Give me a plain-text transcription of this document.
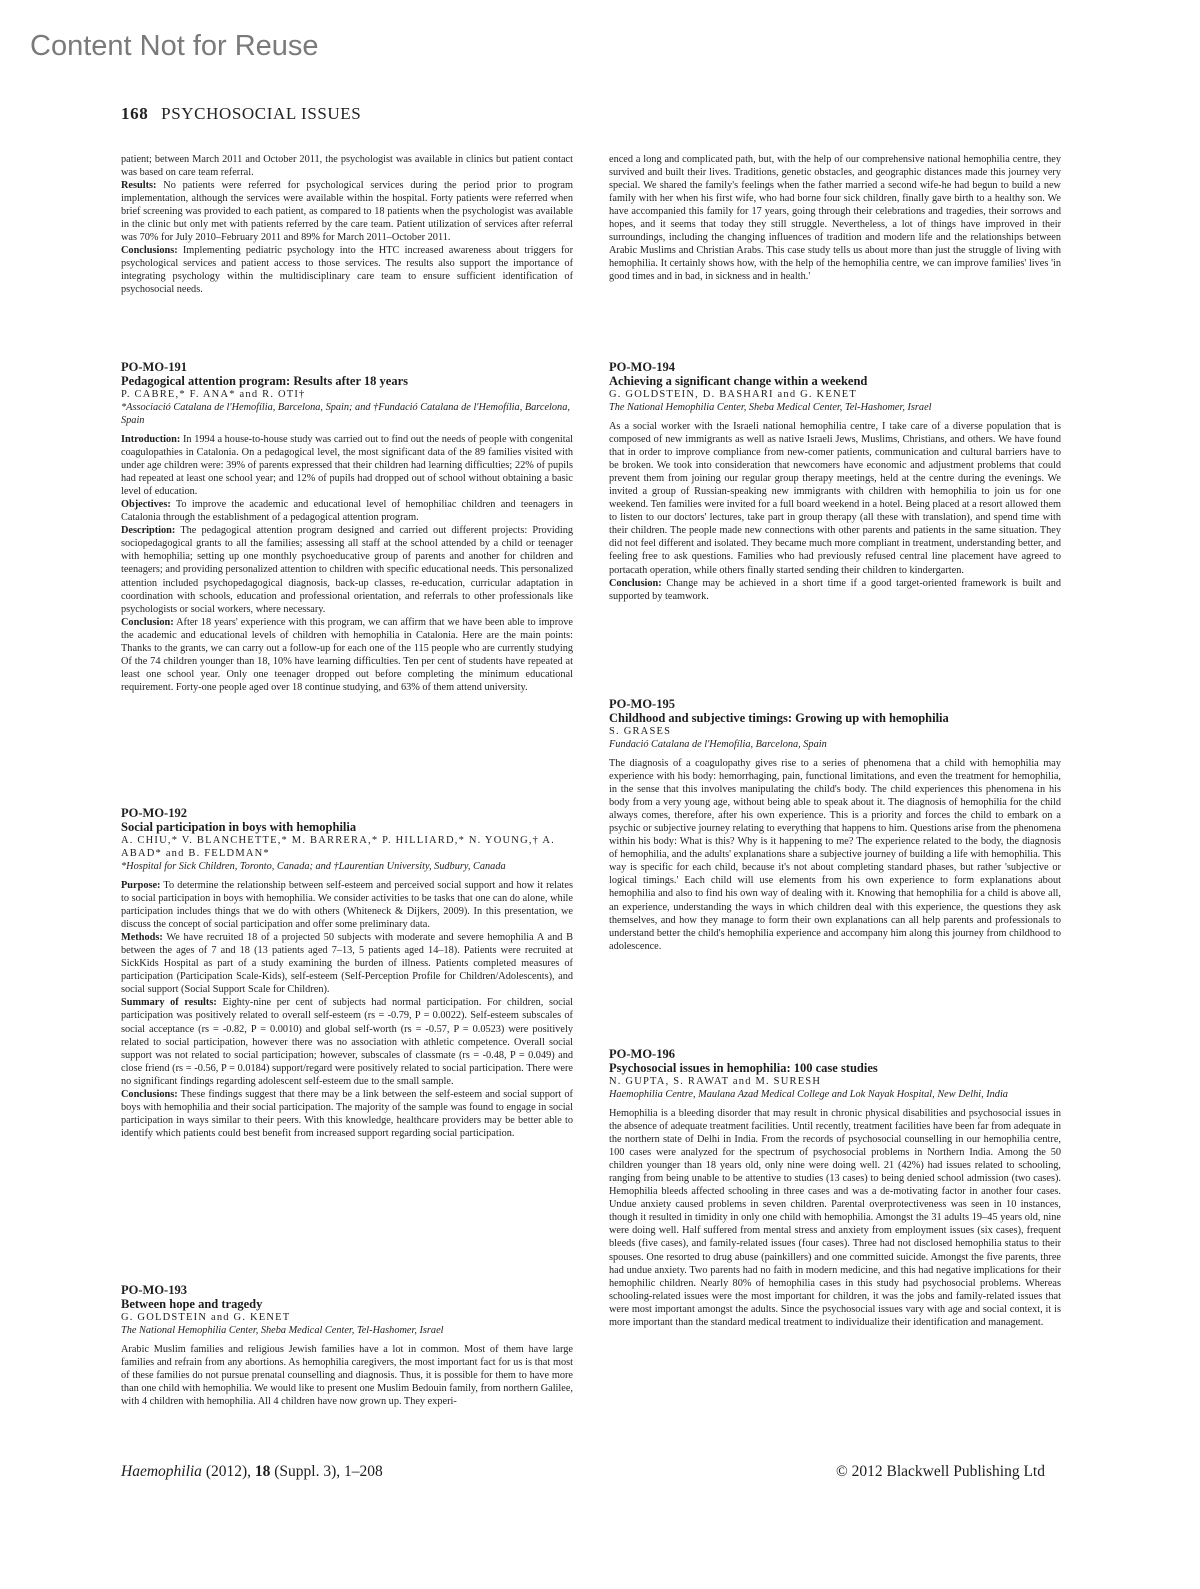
Content Not for Reuse
168 PSYCHOSOCIAL ISSUES

patient; between March 2011 and October 2011, the psychologist was available in clinics but patient contact was based on care team referral.
Results: No patients were referred for psychological services during the period prior to program implementation, although the services were available within the hospital. Forty patients were referred when brief screening was provided to each patient, as compared to 18 patients when the psychologist was available in the clinic but only met with patients referred by the care team. Patient utilization of services after referral was 70% for July 2010–February 2011 and 89% for March 2011–October 2011.
Conclusions: Implementing pediatric psychology into the HTC increased awareness about triggers for psychological services and patient access to those services. The results also support the importance of integrating psychology within the multidisciplinary care team to ensure sufficient identification of psychosocial needs.

PO-MO-191

Pedagogical attention program: Results after 18 years

P. CABRE,* F. ANA* and R. OTI†

*Associació Catalana de l'Hemofília, Barcelona, Spain; and †Fundació Catalana de l'Hemofília, Barcelona, Spain

Introduction: In 1994 a house-to-house study was carried out to find out the needs of people with congenital coagulopathies in Catalonia. On a pedagogical level, the most significant data of the 89 families visited with under age children were: 39% of parents expressed that their children had learning difficulties; 22% of pupils had repeated at least one school year; and 12% of pupils had dropped out of school without obtaining a basic level of education.
Objectives: To improve the academic and educational level of hemophiliac children and teenagers in Catalonia through the establishment of a pedagogical attention program.
Description: The pedagogical attention program designed and carried out different projects: Providing sociopedagogical grants to all the families; assessing all staff at the school attended by a child or teenager with hemophilia; setting up one monthly psychoeducative group of parents and another for children and teenagers; and providing personalized attention to children with specific educational needs. This personalized attention included psychopedagogical diagnosis, back-up classes, re-education, curricular adaptation in coordination with schools, education and professional orientation, and referrals to other professionals like psychologists or social workers, where necessary.
Conclusion: After 18 years' experience with this program, we can affirm that we have been able to improve the academic and educational levels of children with hemophilia in Catalonia. Here are the main points: Thanks to the grants, we can carry out a follow-up for each one of the 115 people who are currently studying Of the 74 children younger than 18, 10% have learning difficulties. Ten per cent of students have repeated at least one school year. Only one teenager dropped out before completing the minimum educational requirement. Forty-one people aged over 18 continue studying, and 63% of them attend university.

PO-MO-192

Social participation in boys with hemophilia

A. CHIU,* V. BLANCHETTE,* M. BARRERA,* P. HILLIARD,* N. YOUNG,† A. ABAD* and B. FELDMAN*

*Hospital for Sick Children, Toronto, Canada; and †Laurentian University, Sudbury, Canada

Purpose: To determine the relationship between self-esteem and perceived social support and how it relates to social participation in boys with hemophilia. We consider activities to be tasks that one can do alone, while participation includes things that we do with others (Whiteneck & Dijkers, 2009). In this presentation, we discuss the concept of social participation and offer some preliminary data.
Methods: We have recruited 18 of a projected 50 subjects with moderate and severe hemophilia A and B between the ages of 7 and 18 (13 patients aged 7–13, 5 patients aged 14–18). Patients were recruited at SickKids Hospital as part of a study examining the burden of illness. Patients completed measures of participation (Participation Scale-Kids), self-esteem (Self-Perception Profile for Children/Adolescents), and social support (Social Support Scale for Children).
Summary of results: Eighty-nine per cent of subjects had normal participation. For children, social participation was positively related to overall self-esteem (rs = -0.79, P = 0.0022). Self-esteem subscales of social acceptance (rs = -0.82, P = 0.0010) and global self-worth (rs = -0.57, P = 0.0523) were positively related to social participation, however there was no association with athletic competence. Overall social support was not related to social participation; however, subscales of classmate (rs = -0.48, P = 0.049) and close friend (rs = -0.56, P = 0.0184) support/regard were positively related to social participation. There were no significant findings regarding adolescent self-esteem due to the small sample.
Conclusions: These findings suggest that there may be a link between the self-esteem and social support of boys with hemophilia and their social participation. The majority of the sample was found to engage in social participation in ways similar to their peers. With this knowledge, healthcare providers may be better able to identify which patients could best benefit from increased support regarding social participation.

PO-MO-193

Between hope and tragedy

G. GOLDSTEIN and G. KENET

The National Hemophilia Center, Sheba Medical Center, Tel-Hashomer, Israel

Arabic Muslim families and religious Jewish families have a lot in common. Most of them have large families and refrain from any abortions. As hemophilia caregivers, the most important fact for us is that most of these families do not pursue prenatal counselling and diagnosis. Thus, it is possible for them to have more than one child with hemophilia. We would like to present one Muslim Bedouin family, from northern Galilee, with 4 children with hemophilia. All 4 children have now grown up. They experi-

enced a long and complicated path, but, with the help of our comprehensive national hemophilia centre, they survived and built their lives. Traditions, genetic obstacles, and geographic distances made this journey very special. We shared the family's feelings when the father married a second wife-he had begun to build a new family with her when his first wife, who had borne four sick children, finally gave birth to a healthy son. We have accompanied this family for 17 years, going through their celebrations and tragedies, their sorrows and hopes, and it seems that today they still struggle. Nevertheless, a lot of things have improved in their surroundings, including the changing influences of tradition and modern life and the relationships between Arabic Muslims and Christian Arabs. This case study tells us about more than just the struggle of living with hemophilia. It certainly shows how, with the help of the hemophilia centre, we can improve families' lives 'in good times and in bad, in sickness and in health.'

PO-MO-194

Achieving a significant change within a weekend

G. GOLDSTEIN, D. BASHARI and G. KENET

The National Hemophilia Center, Sheba Medical Center, Tel-Hashomer, Israel

As a social worker with the Israeli national hemophilia centre, I take care of a diverse population that is composed of new immigrants as well as native Israeli Jews, Muslims, Christians, and others. We have found that in order to improve compliance from new-comer patients, communication and cultural barriers have to be broken. We took into consideration that newcomers have economic and adjustment problems that could prevent them from joining our regular group therapy meetings, held at the centre during the evenings. We invited a group of Russian-speaking new immigrants with children with hemophilia to join us for one weekend. Ten families were invited for a full board weekend in a hotel. Being placed at a resort allowed them to listen to our doctors' lectures, take part in group therapy (all these with translation), and spend time with their children. The people made new connections with other parents and patients in the same situation. They did not feel different and isolated. They became much more compliant in treatment, understanding better, and feeling free to ask questions. Families who had previously refused central line placement have agreed to portacath operation, while others finally started sending their children to kindergarten.
Conclusion: Change may be achieved in a short time if a good target-oriented framework is built and supported by teamwork.

PO-MO-195

Childhood and subjective timings: Growing up with hemophilia

S. GRASES

Fundació Catalana de l'Hemofília, Barcelona, Spain

The diagnosis of a coagulopathy gives rise to a series of phenomena that a child with hemophilia may experience with his body: hemorrhaging, pain, functional limitations, and even the treatment for hemophilia, in the sense that this involves manipulating the child's body. The child experiences this phenomena in his body from a very young age, without being able to speak about it. The diagnosis of hemophilia for the child always comes, therefore, after his own experience. This is a priority and forces the child to embark on a psychic or subjective journey relating to everything that happens to him. Questions arise from the phenomena within his body: What is this? Why is it happening to me? The experience related to the body, the diagnosis of hemophilia, and the adults' explanations share a subjective journey of building a life with hemophilia. This way is specific for each child, because it's not about completing standard phases, but rather 'subjective or logical timings.' Each child will use elements from his own experience to form explanations about hemophilia and also to find his own way of dealing with it. Knowing that hemophilia for a child is above all, an experience, understanding the ways in which children deal with this experience, the questions they ask themselves, and how they manage to form their own explanations can all help parents and professionals to understand better the child's hemophilia experience and accompany him along this journey from childhood to adolescence.

PO-MO-196

Psychosocial issues in hemophilia: 100 case studies

N. GUPTA, S. RAWAT and M. SURESH

Haemophilia Centre, Maulana Azad Medical College and Lok Nayak Hospital, New Delhi, India

Hemophilia is a bleeding disorder that may result in chronic physical disabilities and psychosocial issues in the absence of adequate treatment facilities. Until recently, treatment facilities have been far from adequate in the northern state of Delhi in India. From the records of psychosocial counselling in our hemophilia centre, 100 cases were analyzed for the spectrum of psychosocial problems in Northern India. Among the 50 children younger than 18 years old, only nine were doing well. 21 (42%) had issues related to schooling, ranging from being unable to be attentive to studies (13 cases) to being denied school admission (two cases). Hemophilia bleeds affected schooling in three cases and was a de-motivating factor in another four cases. Undue anxiety caused problems in seven children. Parental overprotectiveness was seen in 10 instances, though it resulted in timidity in only one child with hemophilia. Amongst the 31 adults 19–45 years old, nine were doing well. Half suffered from mental stress and anxiety from employment issues (six cases), frequent bleeds (five cases), and family-related issues (four cases). Three had not disclosed hemophilia status to their spouses. One resorted to drug abuse (painkillers) and one committed suicide. Amongst the five parents, three had undue anxiety. Two parents had no faith in modern medicine, and this had negative implications for their hemophilic children. Nearly 80% of hemophilia cases in this study had psychosocial problems. Whereas schooling-related issues were the most important for children, it was the jobs and family-related issues that were most important amongst the adults. Since the psychosocial issues vary with age and social context, it is more important than the standard medical treatment to individualize their identification and management.

Haemophilia (2012), 18 (Suppl. 3), 1–208	© 2012 Blackwell Publishing Ltd
